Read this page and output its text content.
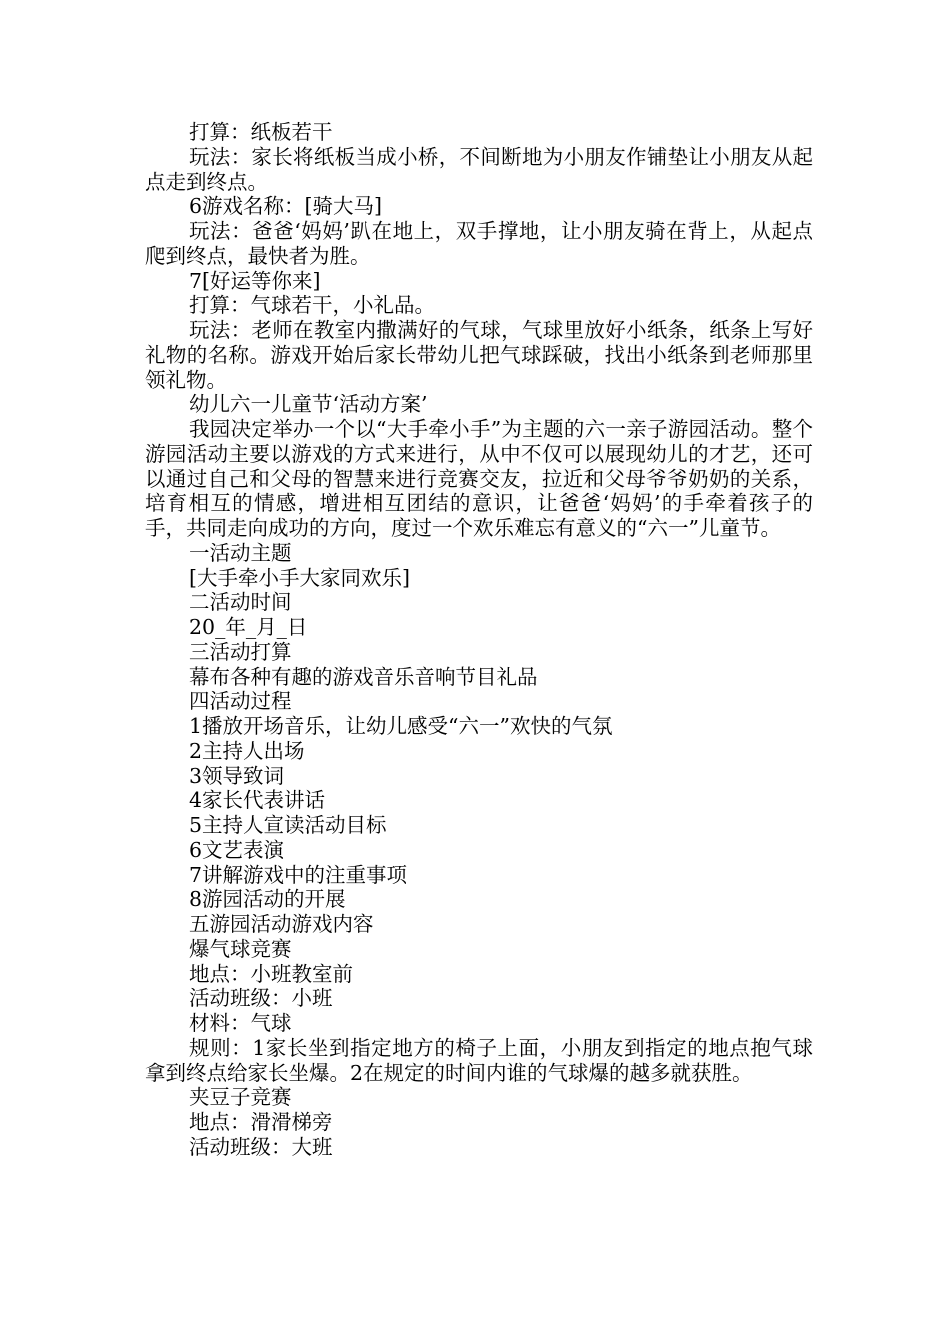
打算：纸板若干

玩法：家长将纸板当成小桥，不间断地为小朋友作铺垫让小朋友从起点走到终点。

6游戏名称：[骑大马]

玩法：爸爸‘妈妈’趴在地上，双手撑地，让小朋友骑在背上，从起点爬到终点，最快者为胜。

7[好运等你来]

打算：气球若干，小礼品。

玩法：老师在教室内撒满好的气球，气球里放好小纸条，纸条上写好礼物的名称。游戏开始后家长带幼儿把气球踩破，找出小纸条到老师那里领礼物。

幼儿六一儿童节‘活动方案’

我园决定举办一个以“大手牵小手”为主题的六一亲子游园活动。整个游园活动主要以游戏的方式来进行，从中不仅可以展现幼儿的才艺，还可以通过自己和父母的智慧来进行竞赛交友，拉近和父母爷爷奶奶的关系，培育相互的情感，增进相互团结的意识，让爸爸‘妈妈’的手牵着孩子的手，共同走向成功的方向，度过一个欢乐难忘有意义的“六一”儿童节。

一活动主题

[大手牵小手大家同欢乐]

二活动时间

20_年_月_日

三活动打算

幕布各种有趣的游戏音乐音响节目礼品

四活动过程

1播放开场音乐，让幼儿感受“六一”欢快的气氛

2主持人出场

3领导致词

4家长代表讲话

5主持人宣读活动目标

6文艺表演

7讲解游戏中的注重事项

8游园活动的开展

五游园活动游戏内容

爆气球竞赛

地点：小班教室前

活动班级：小班

材料：气球

规则：1家长坐到指定地方的椅子上面，小朋友到指定的地点抱气球拿到终点给家长坐爆。2在规定的时间内谁的气球爆的越多就获胜。

夹豆子竞赛

地点：滑滑梯旁

活动班级：大班
